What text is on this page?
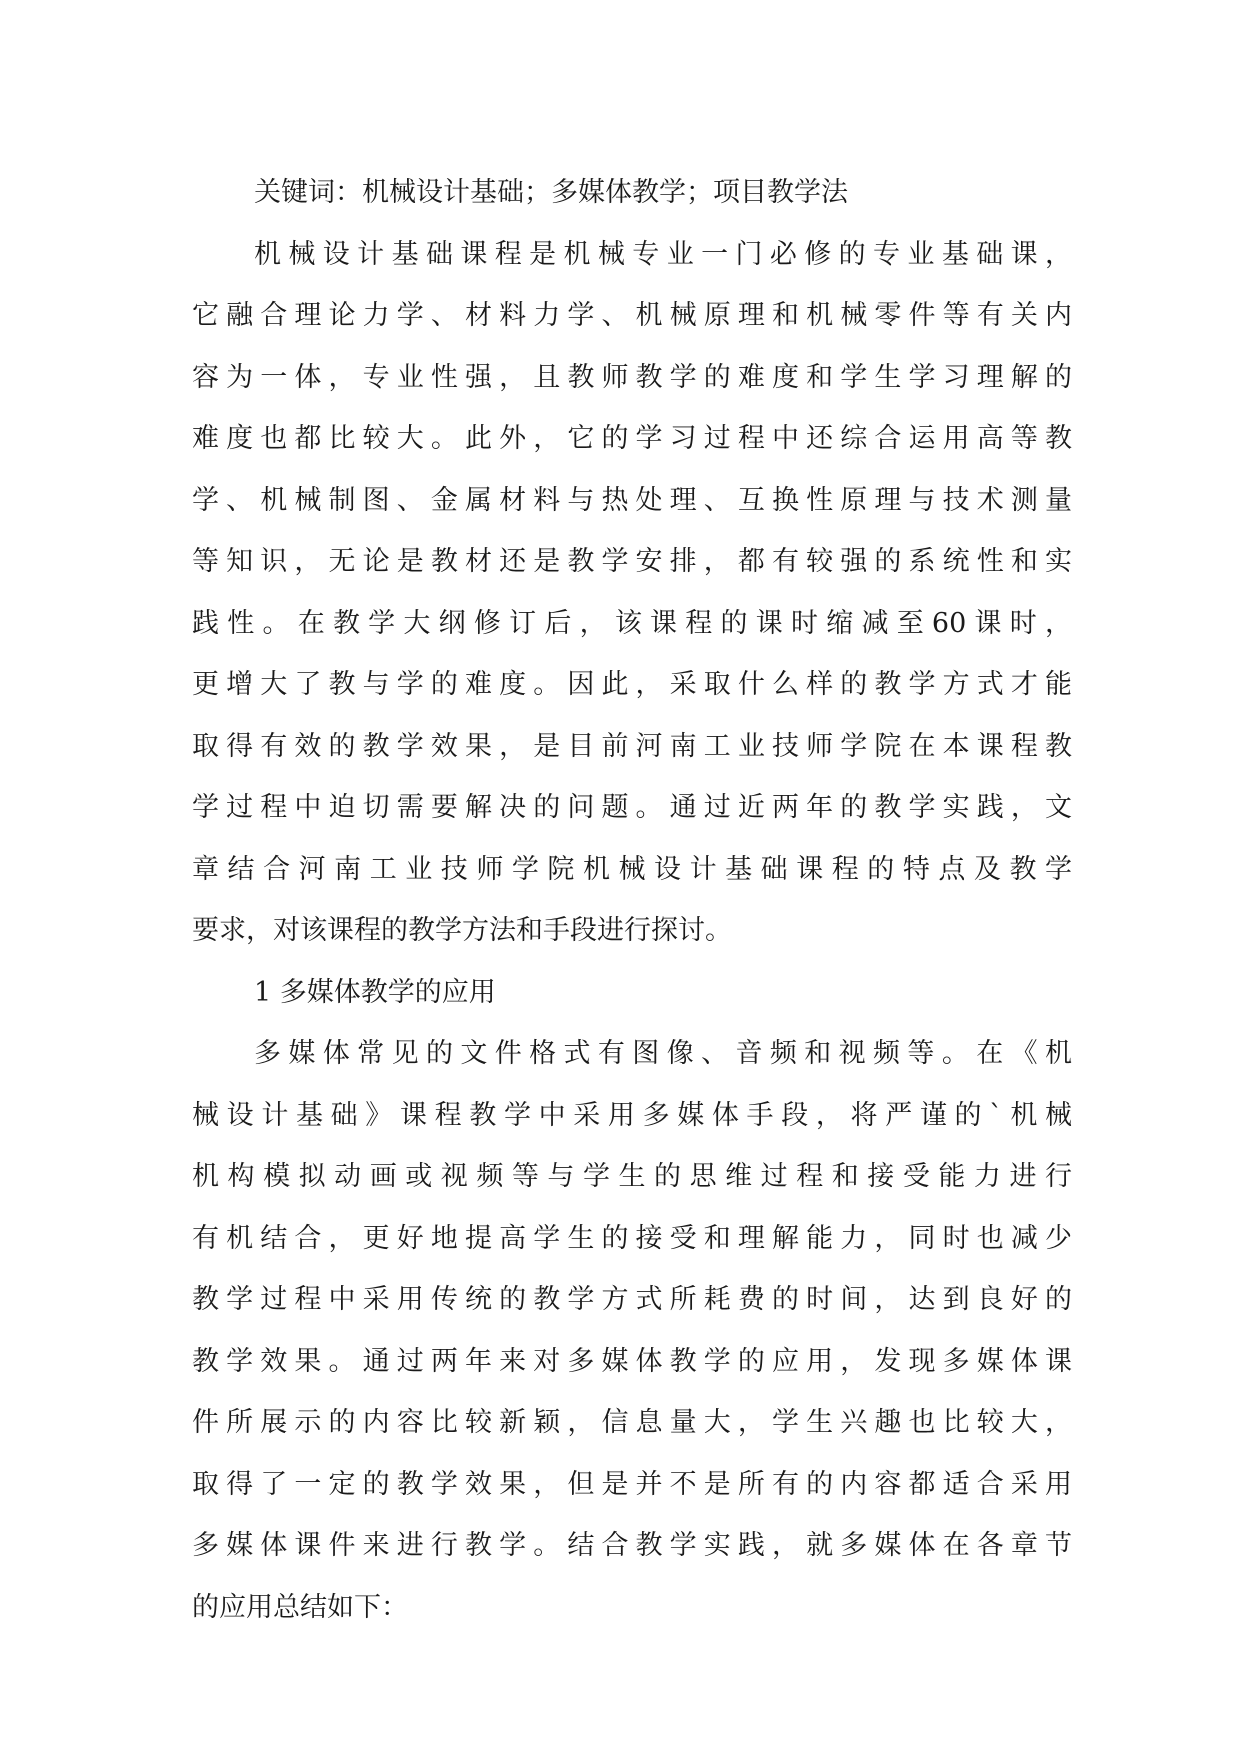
关键词：机械设计基础；多媒体教学；项目教学法
机械设计基础课程是机械专业一门必修的专业基础课，
它融合理论力学、材料力学、机械原理和机械零件等有关内
容为一体，专业性强，且教师教学的难度和学生学习理解的
难度也都比较大。此外，它的学习过程中还综合运用高等教
学、机械制图、金属材料与热处理、互换性原理与技术测量
等知识，无论是教材还是教学安排，都有较强的系统性和实
践性。在教学大纲修订后，该课程的课时缩减至60课时，
更增大了教与学的难度。因此，采取什么样的教学方式才能
取得有效的教学效果，是目前河南工业技师学院在本课程教
学过程中迫切需要解决的问题。通过近两年的教学实践，文
章结合河南工业技师学院机械设计基础课程的特点及教学
要求，对该课程的教学方法和手段进行探讨。
1 多媒体教学的应用
多媒体常见的文件格式有图像、音频和视频等。在《机
械设计基础》课程教学中采用多媒体手段，将严谨的`机械
机构模拟动画或视频等与学生的思维过程和接受能力进行
有机结合，更好地提高学生的接受和理解能力，同时也减少
教学过程中采用传统的教学方式所耗费的时间，达到良好的
教学效果。通过两年来对多媒体教学的应用，发现多媒体课
件所展示的内容比较新颖，信息量大，学生兴趣也比较大，
取得了一定的教学效果，但是并不是所有的内容都适合采用
多媒体课件来进行教学。结合教学实践，就多媒体在各章节
的应用总结如下：
